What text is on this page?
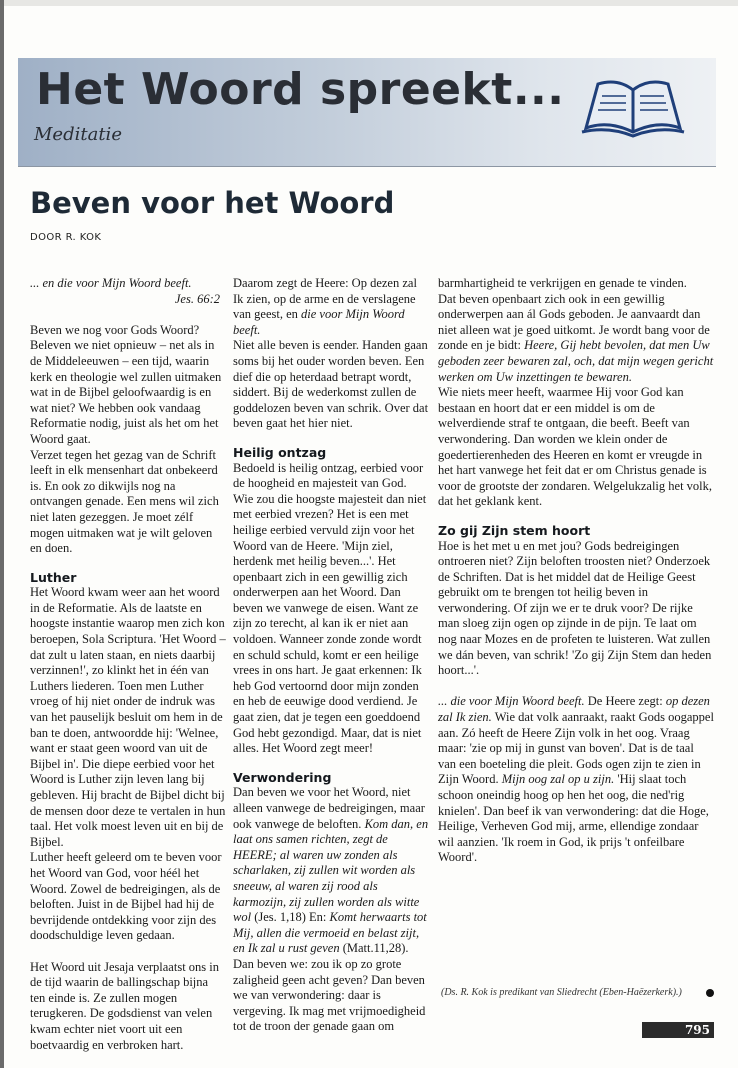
Het Woord spreekt...
Meditatie
Beven voor het Woord
DOOR R. KOK

... en die voor Mijn Woord beeft.

Jes. 66:2

Beven we nog voor Gods Woord? Beleven we niet opnieuw – net als in de Middeleeuwen – een tijd, waarin kerk en theologie wel zullen uitmaken wat in de Bijbel geloofwaardig is en wat niet? We hebben ook vandaag Reformatie nodig, juist als het om het Woord gaat.

Verzet tegen het gezag van de Schrift leeft in elk mensenhart dat onbekeerd is. En ook zo dikwijls nog na ontvangen genade. Een mens wil zich niet laten gezeggen. Je moet zélf mogen uitmaken wat je wilt geloven en doen.

Luther

Het Woord kwam weer aan het woord in de Reformatie. Als de laatste en hoogste instantie waarop men zich kon beroepen, Sola Scriptura. 'Het Woord – dat zult u laten staan, en niets daarbij verzinnen!', zo klinkt het in één van Luthers liederen. Toen men Luther vroeg of hij niet onder de indruk was van het pauselijk besluit om hem in de ban te doen, antwoordde hij: 'Welnee, want er staat geen woord van uit de Bijbel in'. Die diepe eerbied voor het Woord is Luther zijn leven lang bij gebleven. Hij bracht de Bijbel dicht bij de mensen door deze te vertalen in hun taal. Het volk moest leven uit en bij de Bijbel.

Luther heeft geleerd om te beven voor het Woord van God, voor héél het Woord. Zowel de bedreigingen, als de beloften. Juist in de Bijbel had hij de bevrijdende ontdekking voor zijn des doodschuldige leven gedaan.

Het Woord uit Jesaja verplaatst ons in de tijd waarin de ballingschap bijna ten einde is. Ze zullen mogen terugkeren. De godsdienst van velen kwam echter niet voort uit een boetvaardig en verbroken hart.

Daarom zegt de Heere: Op dezen zal Ik zien, op de arme en de verslagene van geest, en die voor Mijn Woord beeft.

Niet alle beven is eender. Handen gaan soms bij het ouder worden beven. Een dief die op heterdaad betrapt wordt, siddert. Bij de wederkomst zullen de goddelozen beven van schrik. Over dat beven gaat het hier niet.

Heilig ontzag

Bedoeld is heilig ontzag, eerbied voor de hoogheid en majesteit van God. Wie zou die hoogste majesteit dan niet met eerbied vrezen? Het is een met heilige eerbied vervuld zijn voor het Woord van de Heere. 'Mijn ziel, herdenk met heilig beven...'. Het openbaart zich in een gewillig zich onderwerpen aan het Woord. Dan beven we vanwege de eisen. Want ze zijn zo terecht, al kan ik er niet aan voldoen. Wanneer zonde zonde wordt en schuld schuld, komt er een heilige vrees in ons hart. Je gaat erkennen: Ik heb God vertoornd door mijn zonden en heb de eeuwige dood verdiend. Je gaat zien, dat je tegen een goeddoend God hebt gezondigd. Maar, dat is niet alles. Het Woord zegt meer!

Verwondering

Dan beven we voor het Woord, niet alleen vanwege de bedreigingen, maar ook vanwege de beloften. Kom dan, en laat ons samen richten, zegt de HEERE; al waren uw zonden als scharlaken, zij zullen wit worden als sneeuw, al waren zij rood als karmozijn, zij zullen worden als witte wol (Jes. 1,18) En: Komt herwaarts tot Mij, allen die vermoeid en belast zijt, en Ik zal u rust geven (Matt.11,28).

Dan beven we: zou ik op zo grote zaligheid geen acht geven? Dan beven we van verwondering: daar is vergeving. Ik mag met vrijmoedigheid tot de troon der genade gaan om

barmhartigheid te verkrijgen en genade te vinden.

Dat beven openbaart zich ook in een gewillig onderwerpen aan ál Gods geboden. Je aanvaardt dan niet alleen wat je goed uitkomt. Je wordt bang voor de zonde en je bidt: Heere, Gij hebt bevolen, dat men Uw geboden zeer bewaren zal, och, dat mijn wegen gericht werken om Uw inzettingen te bewaren.

Wie niets meer heeft, waarmee Hij voor God kan bestaan en hoort dat er een middel is om de welverdiende straf te ontgaan, die beeft. Beeft van verwondering. Dan worden we klein onder de goedertierenheden des Heeren en komt er vreugde in het hart vanwege het feit dat er om Christus genade is voor de grootste der zondaren. Welgelukzalig het volk, dat het geklank kent.

Zo gij Zijn stem hoort

Hoe is het met u en met jou? Gods bedreigingen ontroeren niet? Zijn beloften troosten niet? Onderzoek de Schriften. Dat is het middel dat de Heilige Geest gebruikt om te brengen tot heilig beven in verwondering. Of zijn we er te druk voor? De rijke man sloeg zijn ogen op zijnde in de pijn. Te laat om nog naar Mozes en de profeten te luisteren. Wat zullen we dán beven, van schrik! 'Zo gij Zijn Stem dan heden hoort...'.

... die voor Mijn Woord beeft. De Heere zegt: op dezen zal Ik zien. Wie dat volk aanraakt, raakt Gods oogappel aan. Zó heeft de Heere Zijn volk in het oog. Vraag maar: 'zie op mij in gunst van boven'. Dat is de taal van een boeteling die pleit. Gods ogen zijn te zien in Zijn Woord. Mijn oog zal op u zijn. 'Hij slaat toch schoon oneindig hoog op hen het oog, die ned'rig knielen'. Dan beef ik van verwondering: dat die Hoge, Heilige, Verheven God mij, arme, ellendige zondaar wil aanzien. 'Ik roem in God, ik prijs 't onfeilbare Woord'.

(Ds. R. Kok is predikant van Sliedrecht (Eben-Haëzerkerk).)
795
